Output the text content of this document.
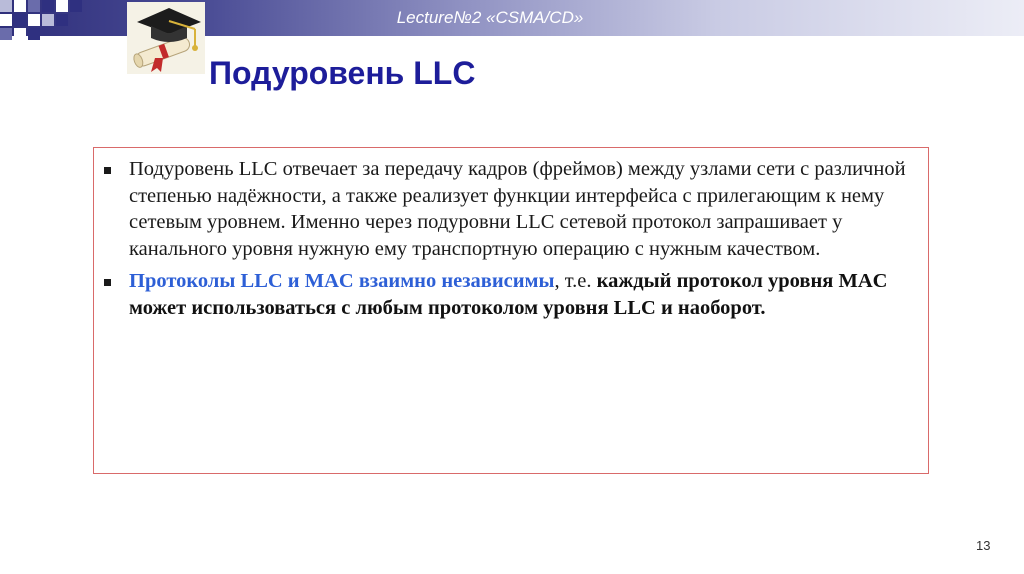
Lecture№2 «CSMA/CD»
Подуровень LLC
Подуровень LLC отвечает за передачу кадров (фреймов) между узлами сети с различной степенью надёжности, а также реализует функции интерфейса с прилегающим к нему сетевым уровнем. Именно через подуровни LLC сетевой протокол запрашивает у канального уровня нужную ему транспортную операцию с нужным качеством.
Протоколы LLC и MAC взаимно независимы, т.е. каждый протокол уровня MAC может использоваться с любым протоколом уровня LLC и наоборот.
13
